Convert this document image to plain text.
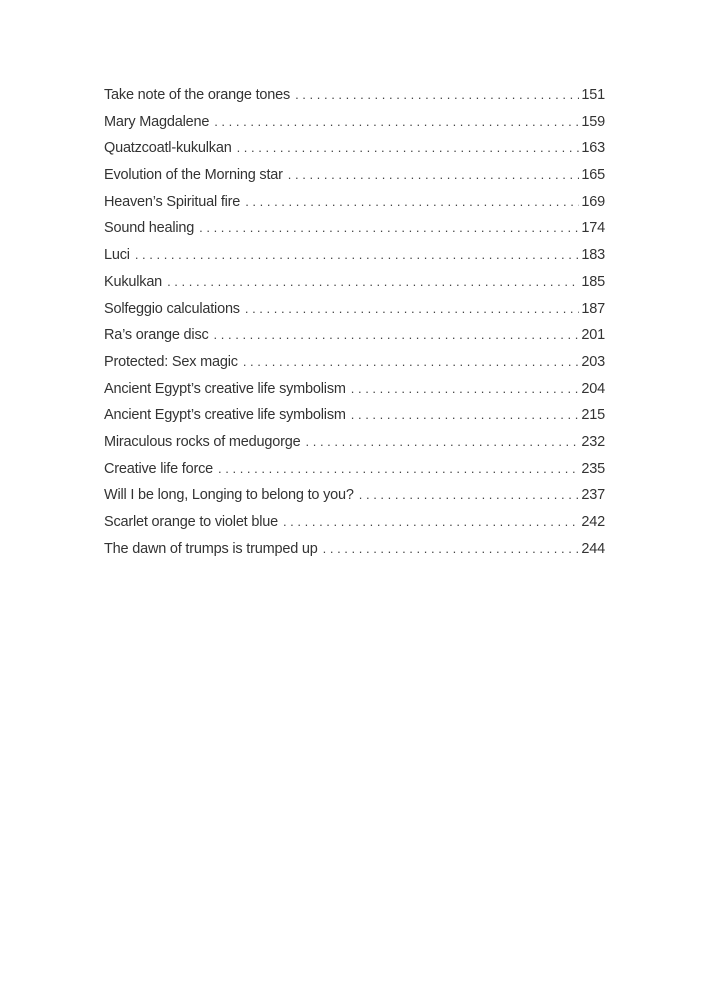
Take note of the orange tones . . .	151
Mary Magdalene . . .	159
Quatzcoatl-kukulkan . . .	163
Evolution of the Morning star . . .	165
Heaven’s Spiritual fire . . .	169
Sound healing . . .	174
Luci . . .	183
Kukulkan . . .	185
Solfeggio calculations . . .	187
Ra’s orange disc . . .	201
Protected: Sex magic . . .	203
Ancient Egypt’s creative life symbolism . . .	204
Ancient Egypt’s creative life symbolism . . .	215
Miraculous rocks of medugorge . . .	232
Creative life force . . .	235
Will I be long, Longing to belong to you? . . .	237
Scarlet orange to violet blue . . .	242
The dawn of trumps is trumped up . . .	244
